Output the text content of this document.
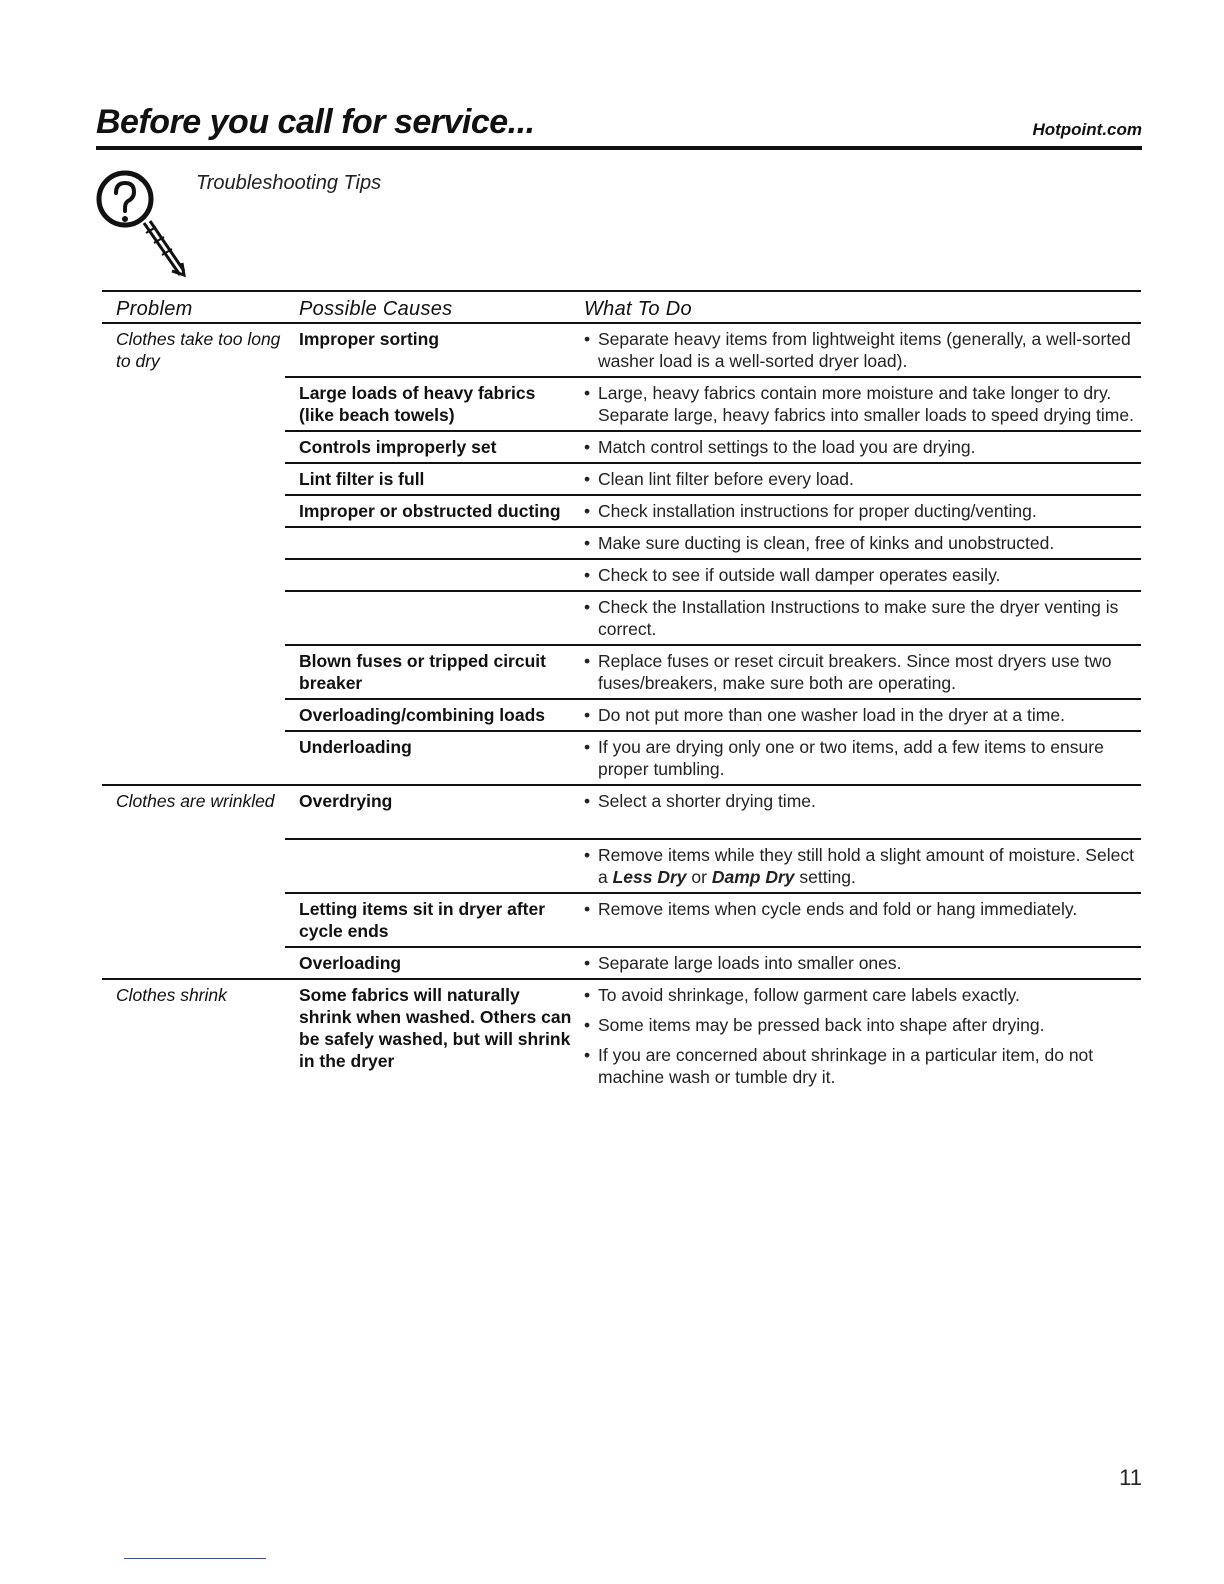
Before you call for service...	Hotpoint.com
Troubleshooting Tips
Problem	Possible Causes	What To Do
Clothes take too long to dry	Improper sorting	• Separate heavy items from lightweight items (generally, a well-sorted washer load is a well-sorted dryer load).

	Large loads of heavy fabrics (like beach towels)	• Large, heavy fabrics contain more moisture and take longer to dry. Separate large, heavy fabrics into smaller loads to speed drying time.

	Controls improperly set	• Match control settings to the load you are drying.

	Lint filter is full	• Clean lint filter before every load.

	Improper or obstructed ducting	• Check installation instructions for proper ducting/venting.

		• Make sure ducting is clean, free of kinks and unobstructed.

		• Check to see if outside wall damper operates easily.

		• Check the Installation Instructions to make sure the dryer venting is correct.

	Blown fuses or tripped circuit breaker	• Replace fuses or reset circuit breakers. Since most dryers use two fuses/breakers, make sure both are operating.

	Overloading/combining loads	• Do not put more than one washer load in the dryer at a time.

	Underloading	• If you are drying only one or two items, add a few items to ensure proper tumbling.

Clothes are wrinkled	Overdrying	• Select a shorter drying time.

		• Remove items while they still hold a slight amount of moisture. Select a Less Dry or Damp Dry setting.

	Letting items sit in dryer after cycle ends	• Remove items when cycle ends and fold or hang immediately.

	Overloading	• Separate large loads into smaller ones.

Clothes shrink	Some fabrics will naturally shrink when washed. Others can be safely washed, but will shrink in the dryer	• To avoid shrinkage, follow garment care labels exactly.
• Some items may be pressed back into shape after drying.
• If you are concerned about shrinkage in a particular item, do not machine wash or tumble dry it.
11
